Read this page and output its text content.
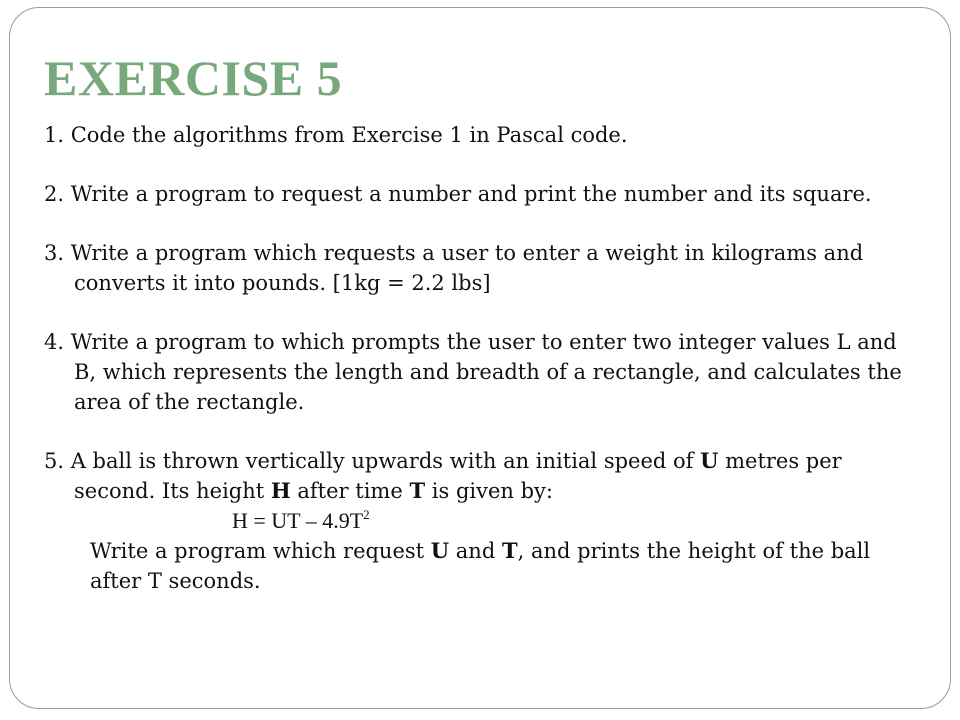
EXERCISE 5

1. Code the algorithms from Exercise 1 in Pascal code.

2. Write a program to request a number and print the number and its square.

3. Write a program which requests a user to enter a weight in kilograms and converts it into pounds. [1kg = 2.2 lbs]

4. Write a program to which prompts the user to enter two integer values L and B, which represents the length and breadth of a rectangle, and calculates the area of the rectangle.

5. A ball is thrown vertically upwards with an initial speed of U metres per second. Its height H after time T is given by:
H = UT – $4.9T^2$
Write a program which request U and T, and prints the height of the ball after T seconds.
